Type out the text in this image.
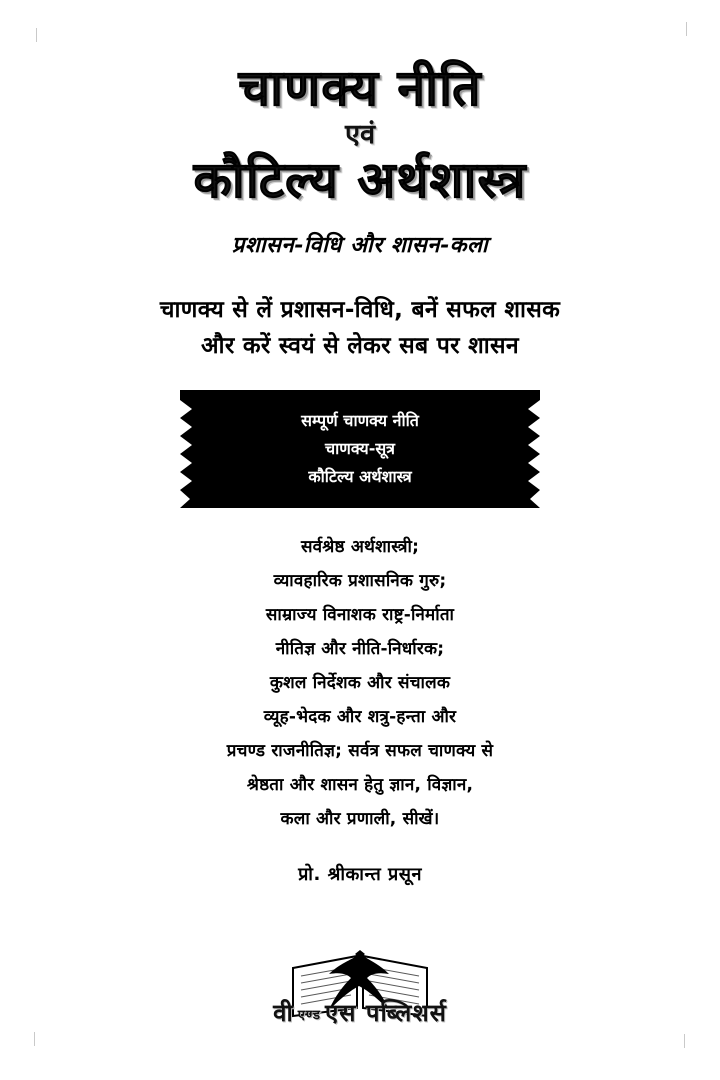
चाणक्य नीति
एवं
कौटिल्य अर्थशास्त्र
प्रशासन-विधि और शासन-कला
चाणक्य से लें प्रशासन-विधि, बनें सफल शासक
और करें स्वयं से लेकर सब पर शासन
सम्पूर्ण चाणक्य नीति
चाणक्य-सूत्र
कौटिल्य अर्थशास्त्र
सर्वश्रेष्ठ अर्थशास्त्री;
व्यावहारिक प्रशासनिक गुरु;
साम्राज्य विनाशक राष्ट्र-निर्माता
नीतिज्ञ और नीति-निर्धारक;
कुशल निर्देशक और संचालक
व्यूह-भेदक और शत्रु-हन्ता और
प्रचण्ड राजनीतिज्ञ; सर्वत्र सफल चाणक्य से
श्रेष्ठता और शासन हेतु ज्ञान, विज्ञान,
कला और प्रणाली, सीखें।
प्रो. श्रीकान्त प्रसून
वीएण्ड एस पब्लिशर्स
